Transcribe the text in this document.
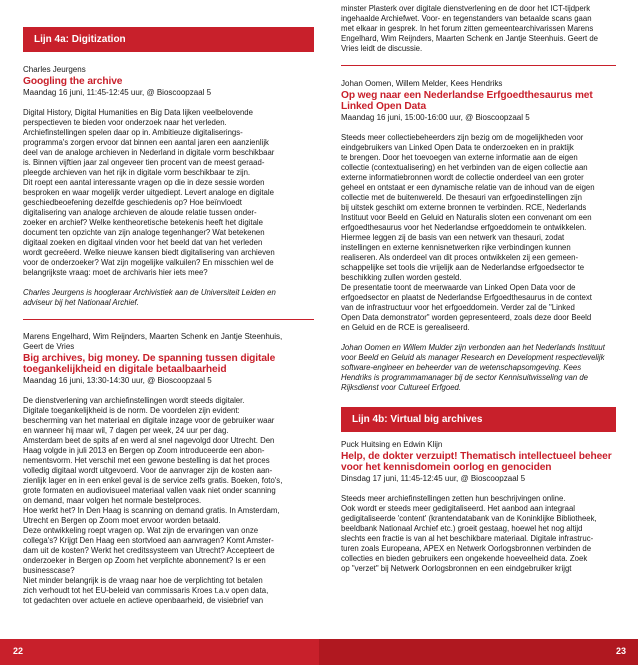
Lijn 4a: Digitization
Charles Jeurgens
Googling the archive
Maandag 16 juni, 11:45-12:45 uur, @ Bioscoopzaal 5
Digital History, Digital Humanities en Big Data lijken veelbelovende
perspectieven te bieden voor onderzoek naar het verleden.
Archiefinstellingen spelen daar op in. Ambitieuze digitaliserings-
programma's zorgen ervoor dat binnen een aantal jaren een aanzienlijk
deel van de analoge archieven in Nederland in digitale vorm beschikbaar
is. Binnen vijftien jaar zal ongeveer tien procent van de meest geraad-
pleegde archieven van het rijk in digitale vorm beschikbaar te zijn.
Dit roept een aantal interessante vragen op die in deze sessie worden
besproken en waar mogelijk verder uitgediept. Levert analoge en digitale
geschiedbeoefening dezelfde geschiedenis op? Hoe beïnvloedt
digitalisering van analoge archieven de aloude relatie tussen onder-
zoeker en archief? Welke kentheoretische betekenis heeft het digitale
document ten opzichte van zijn analoge tegenhanger? Wat betekenen
digitaal zoeken en digitaal vinden voor het beeld dat van het verleden
wordt gecreëerd. Welke nieuwe kansen biedt digitalisering van archieven
voor de onderzoeker? Wat zijn mogelijke valkuilen? En misschien wel de
belangrijkste vraag: moet de archivaris hier iets mee?
Charles Jeurgens is hoogleraar Archivistiek aan de Universiteit Leiden en
adviseur bij het Nationaal Archief.
Marens Engelhard, Wim Reijnders, Maarten Schenk en Jantje Steenhuis,
Geert de Vries
Big archives, big money. De spanning tussen digitale
toegankelijkheid en digitale betaalbaarheid
Maandag 16 juni, 13:30-14:30 uur, @ Bioscoopzaal 5
De dienstverlening van archiefinstellingen wordt steeds digitaler.
Digitale toegankelijkheid is de norm. De voordelen zijn evident:
bescherming van het materiaal en digitale inzage voor de gebruiker waar
en wanneer hij maar wil, 7 dagen per week, 24 uur per dag.
Amsterdam beet de spits af en werd al snel nagevolgd door Utrecht. Den
Haag volgde in juli 2013 en Bergen op Zoom introduceerde een abon-
nementsvorm. Het verschil met een gewone bestelling is dat het proces
volledig digitaal wordt uitgevoerd. Voor de aanvrager zijn de kosten aan-
zienlijk lager en in een enkel geval is de service zelfs gratis. Boeken, foto's,
grote formaten en audiovisueel materiaal vallen vaak niet onder scanning
on demand, maar volgen het normale bestelproces.
Hoe werkt het? In Den Haag is scanning on demand gratis. In Amsterdam,
Utrecht en Bergen op Zoom moet ervoor worden betaald.
Deze ontwikkeling roept vragen op. Wat zijn de ervaringen van onze
collega's? Krijgt Den Haag een stortvloed aan aanvragen? Komt Amster-
dam uit de kosten? Werkt het creditssysteem van Utrecht? Accepteert de
onderzoeker in Bergen op Zoom het verplichte abonnement? Is er een
businesscase?
Niet minder belangrijk is de vraag naar hoe de verplichting tot betalen
zich verhoudt tot het EU-beleid van commissaris Kroes t.a.v open data,
tot gedachten over actuele en actieve openbaarheid, de visiebrief van
minster Plasterk over digitale dienstverlening en de door het ICT-tijdperk
ingehaalde Archiefwet. Voor- en tegenstanders van betaalde scans gaan
met elkaar in gesprek. In het forum zitten gemeentearchivarissen Marens
Engelhard, Wim Reijnders, Maarten Schenk en Jantje Steenhuis. Geert de
Vries leidt de discussie.
Johan Oomen, Willem Melder, Kees Hendriks
Op weg naar een Nederlandse Erfgoedthesaurus met
Linked Open Data
Maandag 16 juni, 15:00-16:00 uur, @ Bioscoopzaal 5
Steeds meer collectiebeheerders zijn bezig om de mogelijkheden voor
eindgebruikers van Linked Open Data te onderzoeken en in praktijk
te brengen. Door het toevoegen van externe informatie aan de eigen
collectie (contextualisering) en het verbinden van de eigen collectie aan
externe informatiebronnen wordt de collectie onderdeel van een groter
geheel en ontstaat er een dynamische relatie van de inhoud van de eigen
collectie met de buitenwereld. De thesauri van erfgoedinstellingen zijn
bij uitstek geschikt om externe bronnen te verbinden. RCE, Nederlands
Instituut voor Beeld en Geluid en Naturalis sloten een convenant om een
erfgoedthesaurus voor het Nederlandse erfgoeddomein te ontwikkelen.
Hiermee leggen zij de basis van een netwerk van thesauri, zodat
instellingen en externe kennisnetwerken rijke verbindingen kunnen
realiseren. Als onderdeel van dit proces ontwikkelen zij een gemeen-
schappelijke set tools die vrijelijk aan de Nederlandse erfgoedsector te
beschikking zullen worden gesteld.
De presentatie toont de meerwaarde van Linked Open Data voor de
erfgoedsector en plaatst de Nederlandse Erfgoedthesaurus in de context
van de infrastructuur voor het erfgoeddomein. Verder zal de "Linked
Open Data demonstrator" worden gepresenteerd, zoals deze door Beeld
en Geluid en de RCE is gerealiseerd.
Johan Oomen en Willem Mulder zijn verbonden aan het Nederlands Instituut
voor Beeld en Geluid als manager Research en Development respectievelijk
software-engineer en beheerder van de wetenschapsomgeving. Kees
Hendriks is programmamanager bij de sector Kennisuitwisseling van de
Rijksdienst voor Cultureel Erfgoed.
Lijn 4b: Virtual big archives
Puck Huitsing en Edwin Klijn
Help, de dokter verzuipt! Thematisch intellectueel beheer
voor het kennisdomein oorlog en genociden
Dinsdag 17 juni, 11:45-12:45 uur, @ Bioscoopzaal 5
Steeds meer archiefinstellingen zetten hun beschrijvingen online.
Ook wordt er steeds meer gedigitaliseerd. Het aanbod aan integraal
gedigitaliseerde 'content' (krantendatabank van de Koninklijke Bibliotheek,
beeldbank Nationaal Archief etc.) groeit gestaag, hoewel het nog altijd
slechts een fractie is van al het beschikbare materiaal. Digitale infrastruc-
turen zoals Europeana, APEX en Netwerk Oorlogsbronnen verbinden de
collecties en bieden gebruikers een ongekende hoeveelheid data. Zoek
op "verzet" bij Netwerk Oorlogsbronnen en een eindgebruiker krijgt
22	23
